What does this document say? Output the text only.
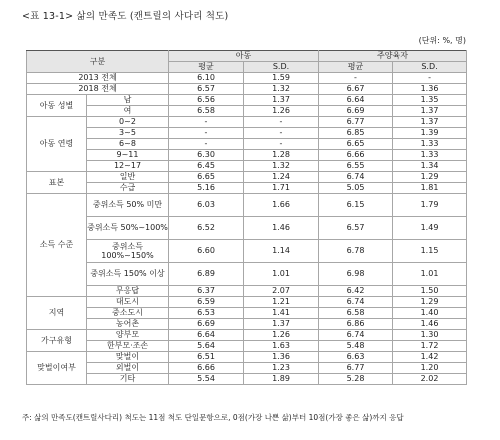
<표 13-1> 삶의 만족도 (캔트릴의 사다리 척도)
(단위: %, 명)
구분		아동		주양육자	
		평균	S.D.	평균	S.D.
2013 전체		6.10	1.59	-	-
2018 전체		6.57	1.32	6.67	1.36
아동 성별	남	6.56	1.37	6.64	1.35
	여	6.58	1.26	6.69	1.37
아동 연령	0~2	-	-	6.77	1.37
	3~5	-	-	6.85	1.39
	6~8	-	-	6.65	1.33
	9~11	6.30	1.28	6.66	1.33
	12~17	6.45	1.32	6.55	1.34
표본	일반	6.65	1.24	6.74	1.29
	수급	5.16	1.71	5.05	1.81
소득 수준	중위소득 50% 미만	6.03	1.66	6.15	1.79
	중위소득 50%~100%	6.52	1.46	6.57	1.49
	중위소득 100%~150%	6.60	1.14	6.78	1.15
	중위소득 150% 이상	6.89	1.01	6.98	1.01
	무응답	6.37	2.07	6.42	1.50
지역	대도시	6.59	1.21	6.74	1.29
	중소도시	6.53	1.41	6.58	1.40
	농어촌	6.69	1.37	6.86	1.46
가구유형	양부모	6.64	1.26	6.74	1.30
	한부모·조손	5.64	1.63	5.48	1.72
맞벌이여부	맞벌이	6.51	1.36	6.63	1.42
	외벌이	6.66	1.23	6.77	1.20
	기타	5.54	1.89	5.28	2.02
주: 삶의 만족도(캔트릴사다리) 척도는 11점 척도 단일문항으로, 0점(가장 나쁜 삶)부터 10점(가장 좋은 삶)까지 응답
